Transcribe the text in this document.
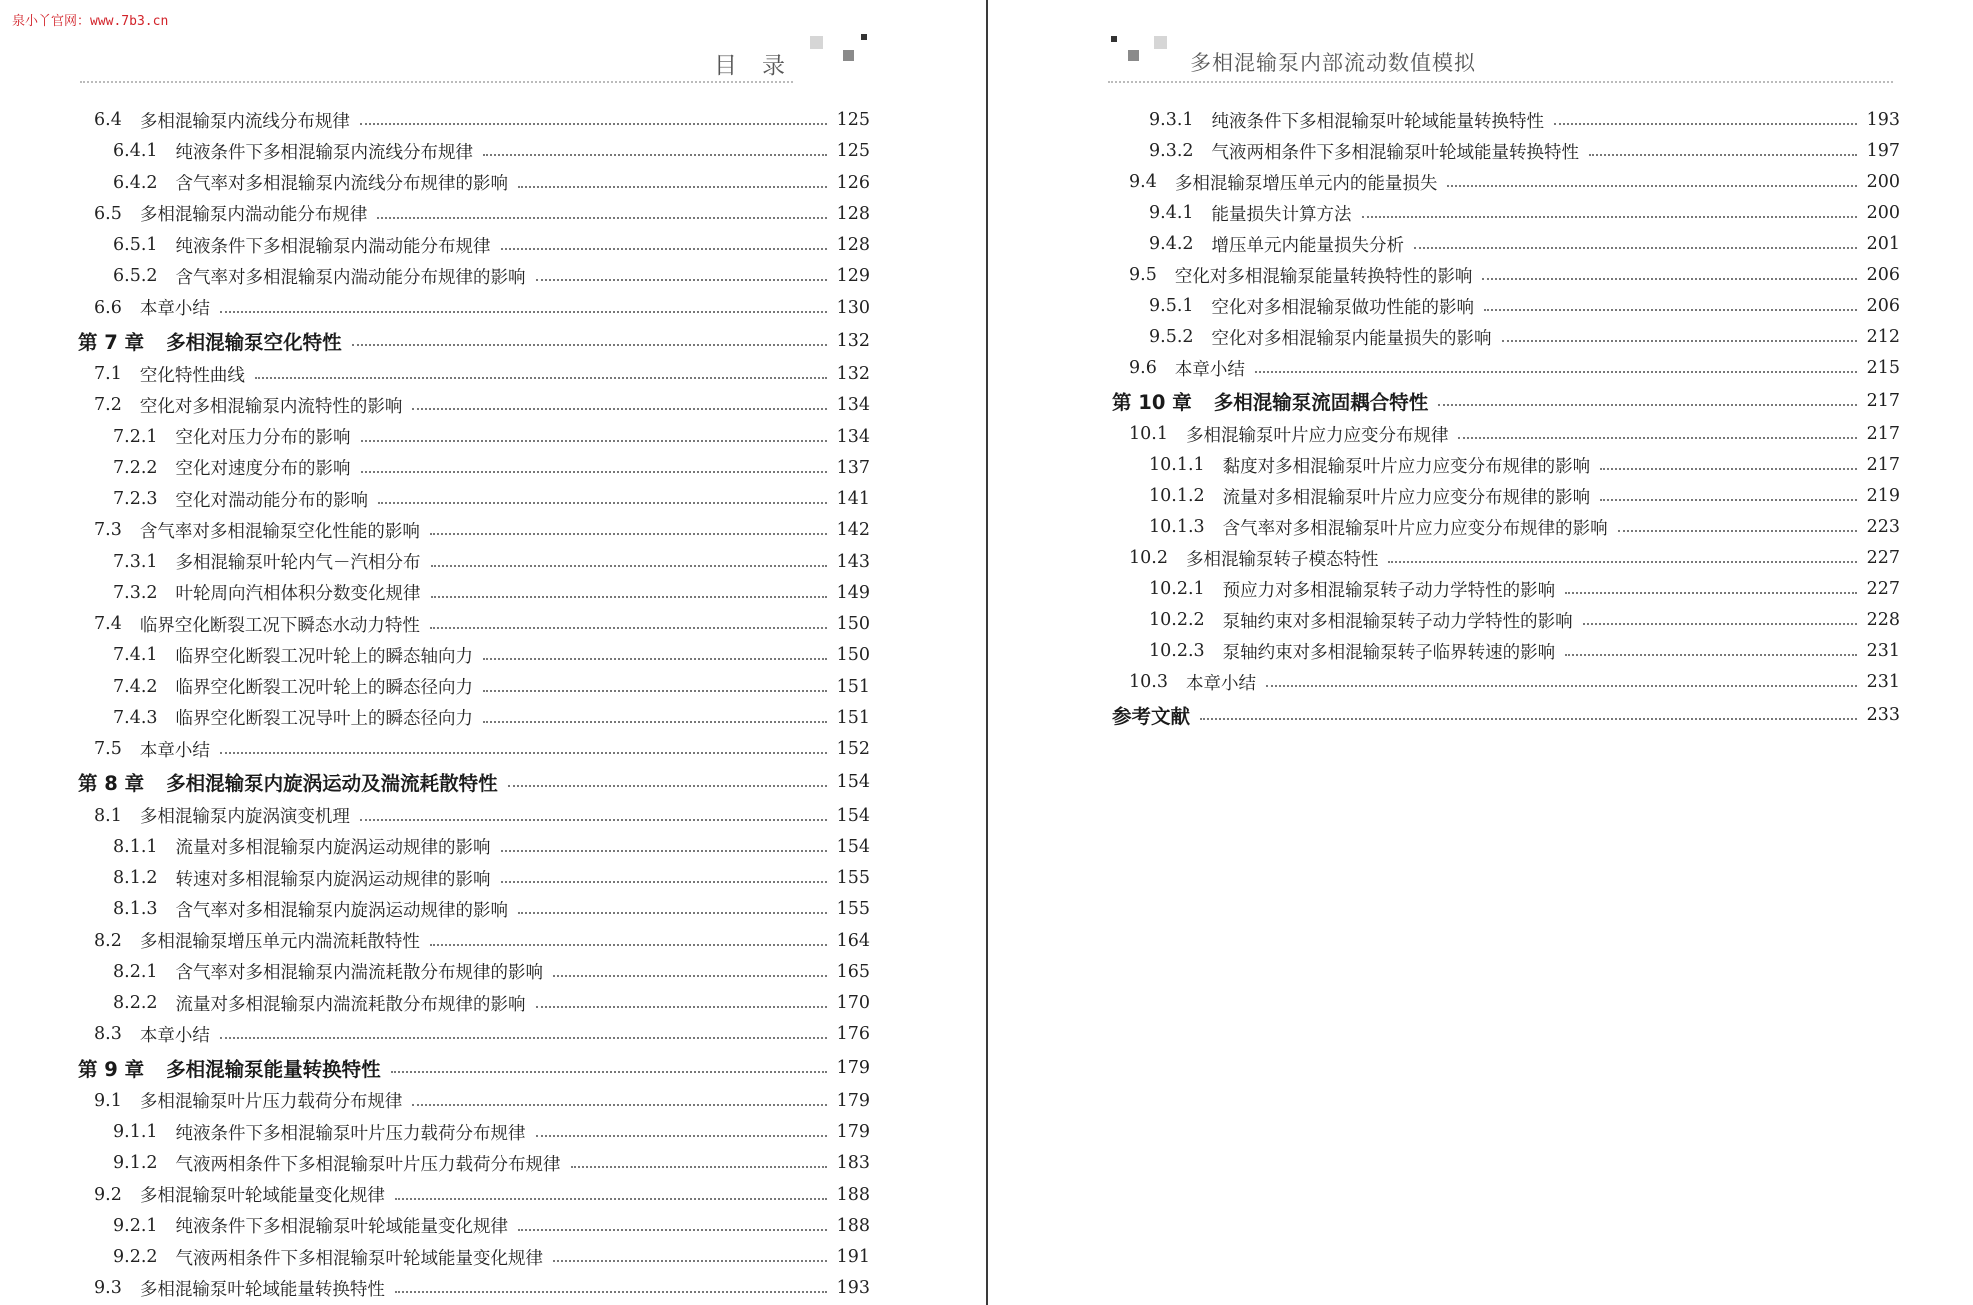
泉小丫官网：www.7b3.cn
目　录
6.4 多相混输泵内流线分布规律	125
6.4.1 纯液条件下多相混输泵内流线分布规律	125
6.4.2 含气率对多相混输泵内流线分布规律的影响	126
6.5 多相混输泵内湍动能分布规律	128
6.5.1 纯液条件下多相混输泵内湍动能分布规律	128
6.5.2 含气率对多相混输泵内湍动能分布规律的影响	129
6.6 本章小结	130
第 7 章 多相混输泵空化特性	132
7.1 空化特性曲线	132
7.2 空化对多相混输泵内流特性的影响	134
7.2.1 空化对压力分布的影响	134
7.2.2 空化对速度分布的影响	137
7.2.3 空化对湍动能分布的影响	141
7.3 含气率对多相混输泵空化性能的影响	142
7.3.1 多相混输泵叶轮内气－汽相分布	143
7.3.2 叶轮周向汽相体积分数变化规律	149
7.4 临界空化断裂工况下瞬态水动力特性	150
7.4.1 临界空化断裂工况叶轮上的瞬态轴向力	150
7.4.2 临界空化断裂工况叶轮上的瞬态径向力	151
7.4.3 临界空化断裂工况导叶上的瞬态径向力	151
7.5 本章小结	152
第 8 章 多相混输泵内旋涡运动及湍流耗散特性	154
8.1 多相混输泵内旋涡演变机理	154
8.1.1 流量对多相混输泵内旋涡运动规律的影响	154
8.1.2 转速对多相混输泵内旋涡运动规律的影响	155
8.1.3 含气率对多相混输泵内旋涡运动规律的影响	155
8.2 多相混输泵增压单元内湍流耗散特性	164
8.2.1 含气率对多相混输泵内湍流耗散分布规律的影响	165
8.2.2 流量对多相混输泵内湍流耗散分布规律的影响	170
8.3 本章小结	176
第 9 章 多相混输泵能量转换特性	179
9.1 多相混输泵叶片压力载荷分布规律	179
9.1.1 纯液条件下多相混输泵叶片压力载荷分布规律	179
9.1.2 气液两相条件下多相混输泵叶片压力载荷分布规律	183
9.2 多相混输泵叶轮域能量变化规律	188
9.2.1 纯液条件下多相混输泵叶轮域能量变化规律	188
9.2.2 气液两相条件下多相混输泵叶轮域能量变化规律	191
9.3 多相混输泵叶轮域能量转换特性	193
多相混输泵内部流动数值模拟
9.3.1 纯液条件下多相混输泵叶轮域能量转换特性	193
9.3.2 气液两相条件下多相混输泵叶轮域能量转换特性	197
9.4 多相混输泵增压单元内的能量损失	200
9.4.1 能量损失计算方法	200
9.4.2 增压单元内能量损失分析	201
9.5 空化对多相混输泵能量转换特性的影响	206
9.5.1 空化对多相混输泵做功性能的影响	206
9.5.2 空化对多相混输泵内能量损失的影响	212
9.6 本章小结	215
第 10 章 多相混输泵流固耦合特性	217
10.1 多相混输泵叶片应力应变分布规律	217
10.1.1 黏度对多相混输泵叶片应力应变分布规律的影响	217
10.1.2 流量对多相混输泵叶片应力应变分布规律的影响	219
10.1.3 含气率对多相混输泵叶片应力应变分布规律的影响	223
10.2 多相混输泵转子模态特性	227
10.2.1 预应力对多相混输泵转子动力学特性的影响	227
10.2.2 泵轴约束对多相混输泵转子动力学特性的影响	228
10.2.3 泵轴约束对多相混输泵转子临界转速的影响	231
10.3 本章小结	231
参考文献	233
